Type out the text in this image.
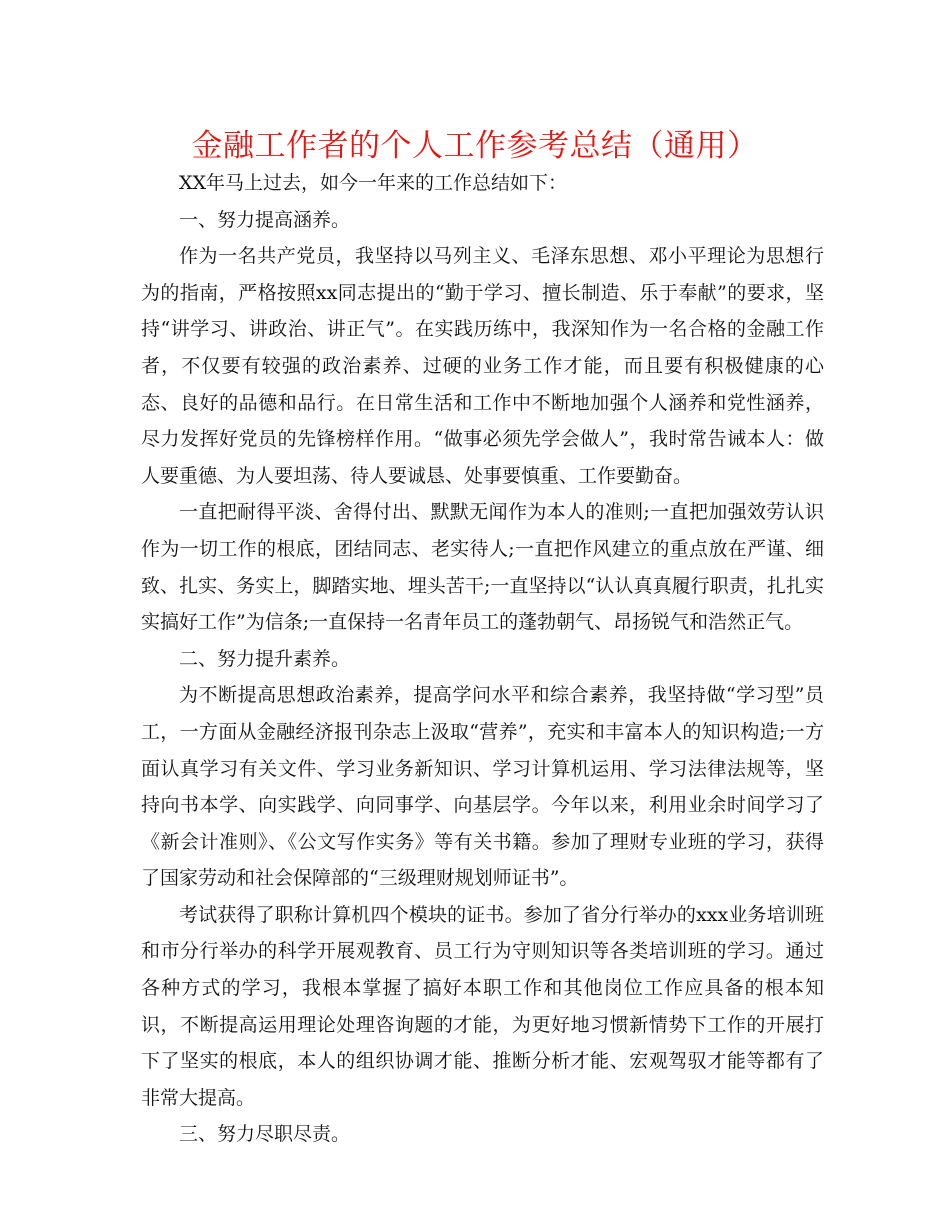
金融工作者的个人工作参考总结（通用）

XX年马上过去，如今一年来的工作总结如下：

一、努力提高涵养。

作为一名共产党员，我坚持以马列主义、毛泽东思想、邓小平理论为思想行为的指南，严格按照xx同志提出的“勤于学习、擅长制造、乐于奉献”的要求，坚持“讲学习、讲政治、讲正气”。在实践历练中，我深知作为一名合格的金融工作者，不仅要有较强的政治素养、过硬的业务工作才能，而且要有积极健康的心态、良好的品德和品行。在日常生活和工作中不断地加强个人涵养和党性涵养，尽力发挥好党员的先锋榜样作用。“做事必须先学会做人”，我时常告诫本人：做人要重德、为人要坦荡、待人要诚恳、处事要慎重、工作要勤奋。

一直把耐得平淡、舍得付出、默默无闻作为本人的准则;一直把加强效劳认识作为一切工作的根底，团结同志、老实待人;一直把作风建立的重点放在严谨、细致、扎实、务实上，脚踏实地、埋头苦干;一直坚持以“认认真真履行职责，扎扎实实搞好工作”为信条;一直保持一名青年员工的蓬勃朝气、昂扬锐气和浩然正气。

二、努力提升素养。

为不断提高思想政治素养，提高学问水平和综合素养，我坚持做“学习型”员工，一方面从金融经济报刊杂志上汲取“营养”，充实和丰富本人的知识构造;一方面认真学习有关文件、学习业务新知识、学习计算机运用、学习法律法规等，坚持向书本学、向实践学、向同事学、向基层学。今年以来，利用业余时间学习了《新会计准则》、《公文写作实务》等有关书籍。参加了理财专业班的学习，获得了国家劳动和社会保障部的“三级理财规划师证书”。

考试获得了职称计算机四个模块的证书。参加了省分行举办的xxx业务培训班和市分行举办的科学开展观教育、员工行为守则知识等各类培训班的学习。通过各种方式的学习，我根本掌握了搞好本职工作和其他岗位工作应具备的根本知识，不断提高运用理论处理咨询题的才能，为更好地习惯新情势下工作的开展打下了坚实的根底，本人的组织协调才能、推断分析才能、宏观驾驭才能等都有了非常大提高。

三、努力尽职尽责。
